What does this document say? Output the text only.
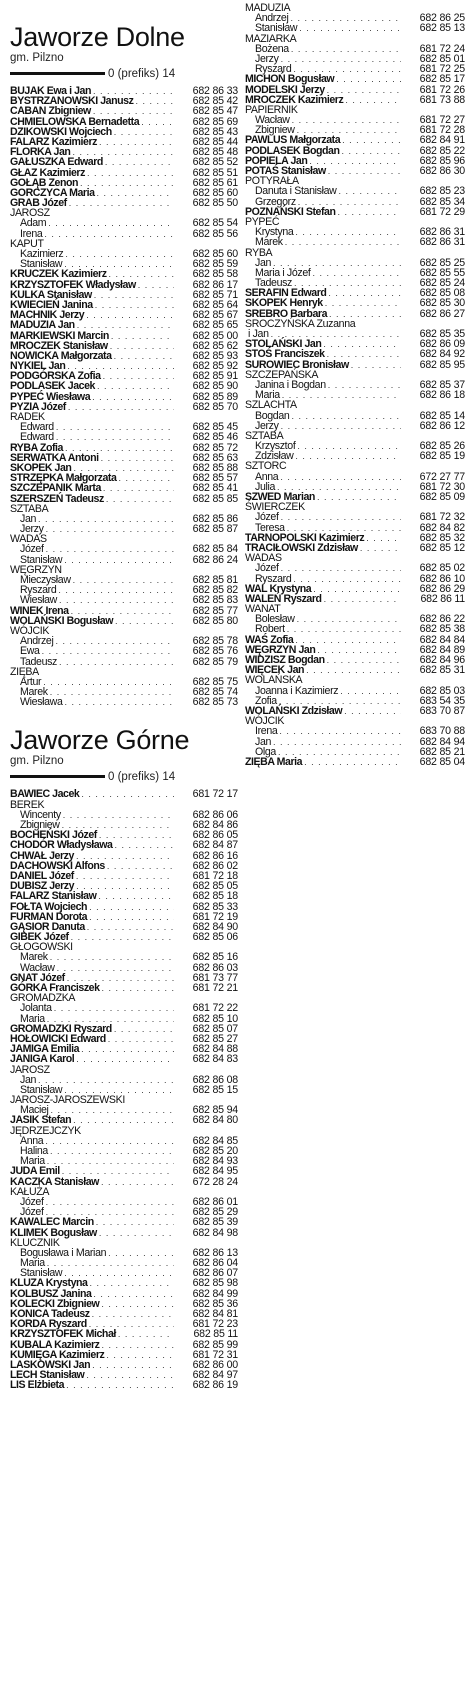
Jaworze Dolne
gm. Pilzno
0 (prefiks) 14
BUJAK Ewa i Jan . . .	682 86 33
BYSTRZANOWSKI Janusz . . .	682 85 42
CABAN Zbigniew . . .	682 85 47
CHMIELOWSKA Bernadetta . . .	682 85 69
DZIKOWSKI Wojciech . . .	682 85 43
FALARZ Kazimierz . . .	682 85 44
FLORKA Jan . . .	682 85 48
GAŁUSZKA Edward . . .	682 85 52
GŁAZ Kazimierz . . .	682 85 51
GOŁĄB Zenon . . .	682 85 61
GORCZYCA Maria . . .	682 85 60
GRAB Józef . . .	682 85 50
JAROSZ
Adam . . .	682 85 54
Irena . . .	682 85 56
KAPUT
Kazimierz . . .	682 85 60
Stanisław . . .	682 85 59
KRUCZEK Kazimierz . . .	682 85 58
KRZYSZTOFEK Władysław . . .	682 86 17
KULKA Stanisław . . .	682 85 71
KWIECIEŃ Janina . . .	682 85 64
MACHNIK Jerzy . . .	682 85 67
MADUZIA Jan . . .	682 85 65
MARKIEWSKI Marcin . . .	682 85 00
MROCZEK Stanisław . . .	682 85 62
NOWICKA Małgorzata . . .	682 85 93
NYKIEL Jan . . .	682 85 92
PODGÓRSKA Zofia . . .	682 85 91
PODLASEK Jacek . . .	682 85 90
PYPEĆ Wiesława . . .	682 85 89
PYZIA Józef . . .	682 85 70
RADEK
Edward . . .	682 85 45
Edward . . .	682 85 46
RYBA Zofia . . .	682 85 72
SERWATKA Antoni . . .	682 85 63
SKOPEK Jan . . .	682 85 88
STRZĘPKA Małgorzata . . .	682 85 57
SZCZEPANIK Marta . . .	682 85 41
SZERSZEŃ Tadeusz . . .	682 85 85
SZTABA
Jan . . .	682 85 86
Jerzy . . .	682 85 87
WADAS
Józef . . .	682 85 84
Stanisław . . .	682 86 24
WĘGRZYN
Mieczysław . . .	682 85 81
Ryszard . . .	682 85 82
Wiesław . . .	682 85 83
WINEK Irena . . .	682 85 77
WOLAŃSKI Bogusław . . .	682 85 80
WÓJCIK
Andrzej . . .	682 85 78
Ewa . . .	682 85 76
Tadeusz . . .	682 85 79
ZIĘBA
Artur . . .	682 85 75
Marek . . .	682 85 74
Wiesława . . .	682 85 73
Jaworze Górne
gm. Pilzno
0 (prefiks) 14
BAWIEC Jacek . . .	681 72 17
BEREK
Wincenty . . .	682 86 06
Zbigniew . . .	682 84 86
BOCHEŃSKI Józef . . .	682 86 05
CHODÓR Władysława . . .	682 84 87
CHWAŁ Jerzy . . .	682 86 16
DACHOWSKI Alfons . . .	682 86 02
DANIEL Józef . . .	681 72 18
DUBISZ Jerzy . . .	682 85 05
FALARZ Stanisław . . .	682 85 18
FOŁTA Wojciech . . .	682 85 33
FURMAN Dorota . . .	681 72 19
GĄSIOR Danuta . . .	682 84 90
GIBEK Józef . . .	682 85 06
GŁOGOWSKI
Marek . . .	682 85 16
Wacław . . .	682 86 03
GNAT Józef . . .	681 73 77
GÓRKA Franciszek . . .	681 72 21
GROMADZKA
Jolanta . . .	681 72 22
Maria . . .	682 85 10
GROMADZKI Ryszard . . .	682 85 07
HOŁOWICKI Edward . . .	682 85 27
JAMIGA Emilia . . .	682 84 88
JANIGA Karol . . .	682 84 83
JAROSZ
Jan . . .	682 86 08
Stanisław . . .	682 85 15
JAROSZ-JAROSZEWSKI
Maciej . . .	682 85 94
JASIK Stefan . . .	682 84 80
JĘDRZEJCZYK
Anna . . .	682 84 85
Halina . . .	682 85 20
Maria . . .	682 84 93
JUDA Emil . . .	682 84 95
KACZKA Stanisław . . .	672 28 24
KAŁUŻA
Józef . . .	682 86 01
Józef . . .	682 85 29
KAWALEC Marcin . . .	682 85 39
KLIMEK Bogusław . . .	682 84 98
KLUCZNIK
Bogusława i Marian . . .	682 86 13
Maria . . .	682 86 04
Stanisław . . .	682 86 07
KLUZA Krystyna . . .	682 85 98
KOLBUSZ Janina . . .	682 84 99
KOLECKI Zbigniew . . .	682 85 36
KONICA Tadeusz . . .	682 84 81
KORDA Ryszard . . .	681 72 23
KRZYSZTOFEK Michał . . .	682 85 11
KUBALA Kazimierz . . .	682 85 99
KUMIĘGA Kazimierz . . .	681 72 31
LASKOWSKI Jan . . .	682 86 00
LECH Stanisław . . .	682 84 97
LIS Elżbieta . . .	682 86 19
MADUZIA
Andrzej . . .	682 86 25
Stanisław . . .	682 85 13
MAZIARKA
Bożena . . .	681 72 24
Jerzy . . .	682 85 01
Ryszard . . .	681 72 25
MICHOŃ Bogusław . . .	682 85 17
MODELSKI Jerzy . . .	681 72 26
MROCZEK Kazimierz . . .	681 73 88
PAPIERNIK
Wacław . . .	681 72 27
Zbigniew . . .	681 72 28
PAWLUS Małgorzata . . .	682 84 91
PODLASEK Bogdan . . .	682 85 22
POPIELA Jan . . .	682 85 96
POTAŚ Stanisław . . .	682 86 30
POTYRAŁA
Danuta i Stanisław . . .	682 85 23
Grzegorz . . .	682 85 34
POZNAŃSKI Stefan . . .	681 72 29
PYPEĆ
Krystyna . . .	682 86 31
Marek . . .	682 86 31
RYBA
Jan . . .	682 85 25
Maria i Józef . . .	682 85 55
Tadeusz . . .	682 85 24
SERAFIN Edward . . .	682 85 08
SKOPEK Henryk . . .	682 85 30
SREBRO Barbara . . .	682 86 27
SROCZYŃSKA Zuzanna
i Jan . . .	682 85 35
STOLAŃSKI Jan . . .	682 86 09
STOŚ Franciszek . . .	682 84 92
SUROWIEC Bronisław . . .	682 85 95
SZCZEPAŃSKA
Janina i Bogdan . . .	682 85 37
Maria . . .	682 86 18
SZLACHTA
Bogdan . . .	682 85 14
Jerzy . . .	682 86 12
SZTABA
Krzysztof . . .	682 85 26
Zdzisław . . .	682 85 19
SZTORC
Anna . . .	672 27 77
Julia . . .	681 72 30
SZWED Marian . . .	682 85 09
ŚWIERCZEK
Józef . . .	681 72 32
Teresa . . .	682 84 82
TARNOPOLSKI Kazimierz . . .	682 85 32
TRACIŁOWSKI Zdzisław . . .	682 85 12
WADAS
Józef . . .	682 85 02
Ryszard . . .	682 86 10
WAL Krystyna . . .	682 86 29
WALEŃ Ryszard . . .	682 86 11
WANAT
Bolesław . . .	682 86 22
Robert . . .	682 85 38
WAŚ Zofia . . .	682 84 84
WĘGRZYN Jan . . .	682 84 89
WIDZISZ Bogdan . . .	682 84 96
WIĘCEK Jan . . .	682 85 31
WOLAŃSKA
Joanna i Kazimierz . . .	682 85 03
Zofia . . .	683 54 35
WOLAŃSKI Zdzisław . . .	683 70 87
WÓJCIK
Irena . . .	683 70 88
Jan . . .	682 84 94
Olga . . .	682 85 21
ZIĘBA Maria . . .	682 85 04
